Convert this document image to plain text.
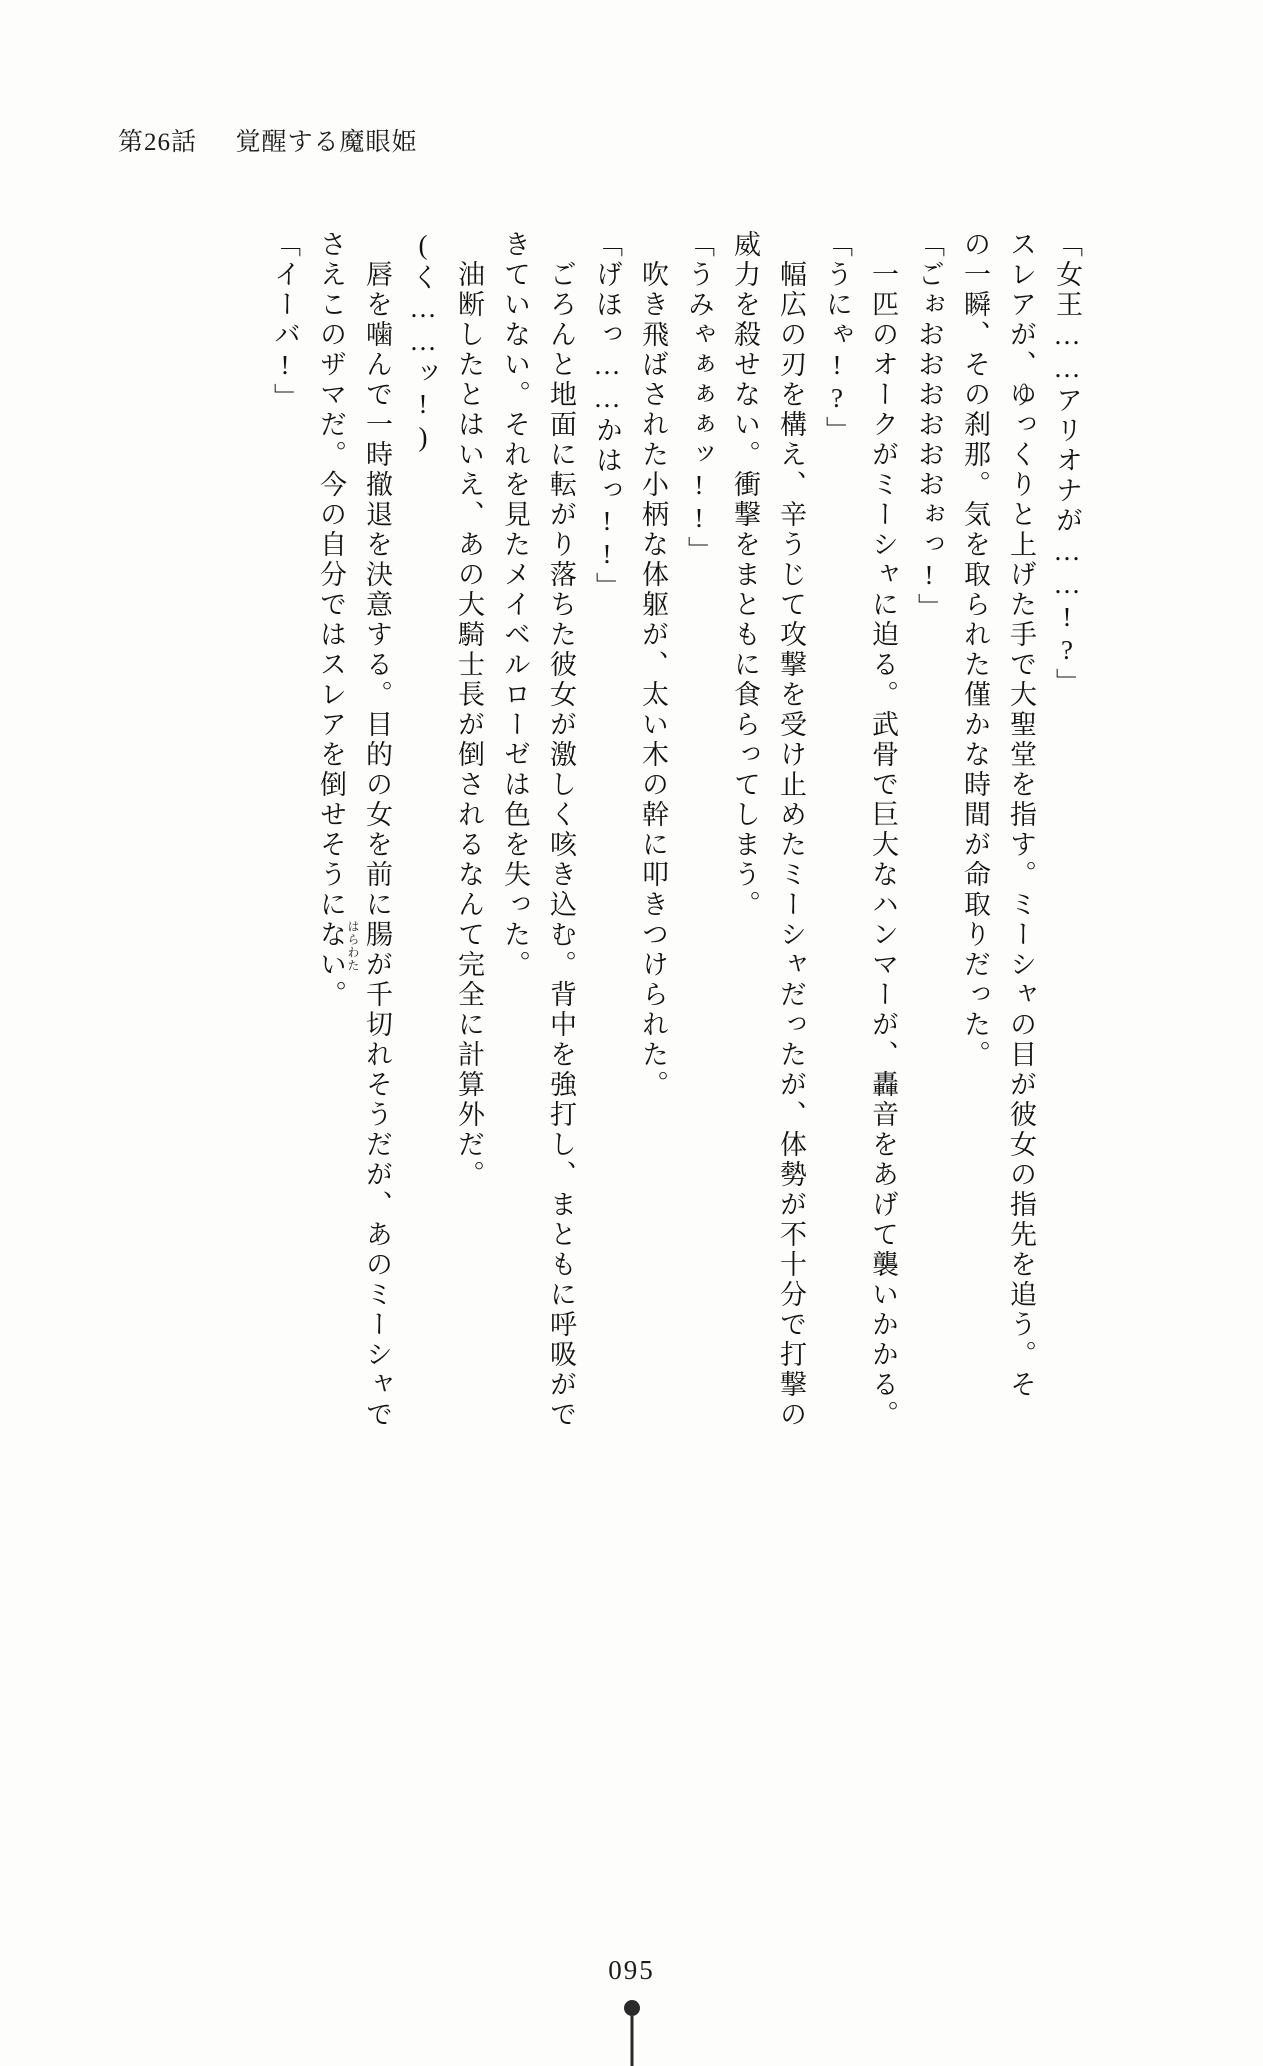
第26話 覚醒する魔眼姫
「女王……アリオナが……!?」
スレアが、ゆっくりと上げた手で大聖堂を指す。ミーシャの目が彼女の指先を追う。そ
の一瞬、その刹那。気を取られた僅かな時間が命取りだった。
「ごぉおおおおおおぉっ!」
　一匹のオークがミーシャに迫る。武骨で巨大なハンマーが、轟音をあげて襲いかかる。
「うにゃ!?」
　幅広の刃を構え、辛うじて攻撃を受け止めたミーシャだったが、体勢が不十分で打撃の
威力を殺せない。衝撃をまともに食らってしまう。
「うみゃぁぁぁッ!!」
　吹き飛ばされた小柄な体躯が、太い木の幹に叩きつけられた。
「げほっ……かはっ!!」
　ごろんと地面に転がり落ちた彼女が激しく咳き込む。背中を強打し、まともに呼吸がで
きていない。それを見たメイベルローゼは色を失った。
　油断したとはいえ、あの大騎士長が倒されるなんて完全に計算外だ。
(く……ッ!)
　唇を噛んで一時撤退を決意する。目的の女を前に腸
はらわた
が千切れそうだが、あのミーシャで
さえこのザマだ。今の自分ではスレアを倒せそうにない。
「イーバ!」
095
